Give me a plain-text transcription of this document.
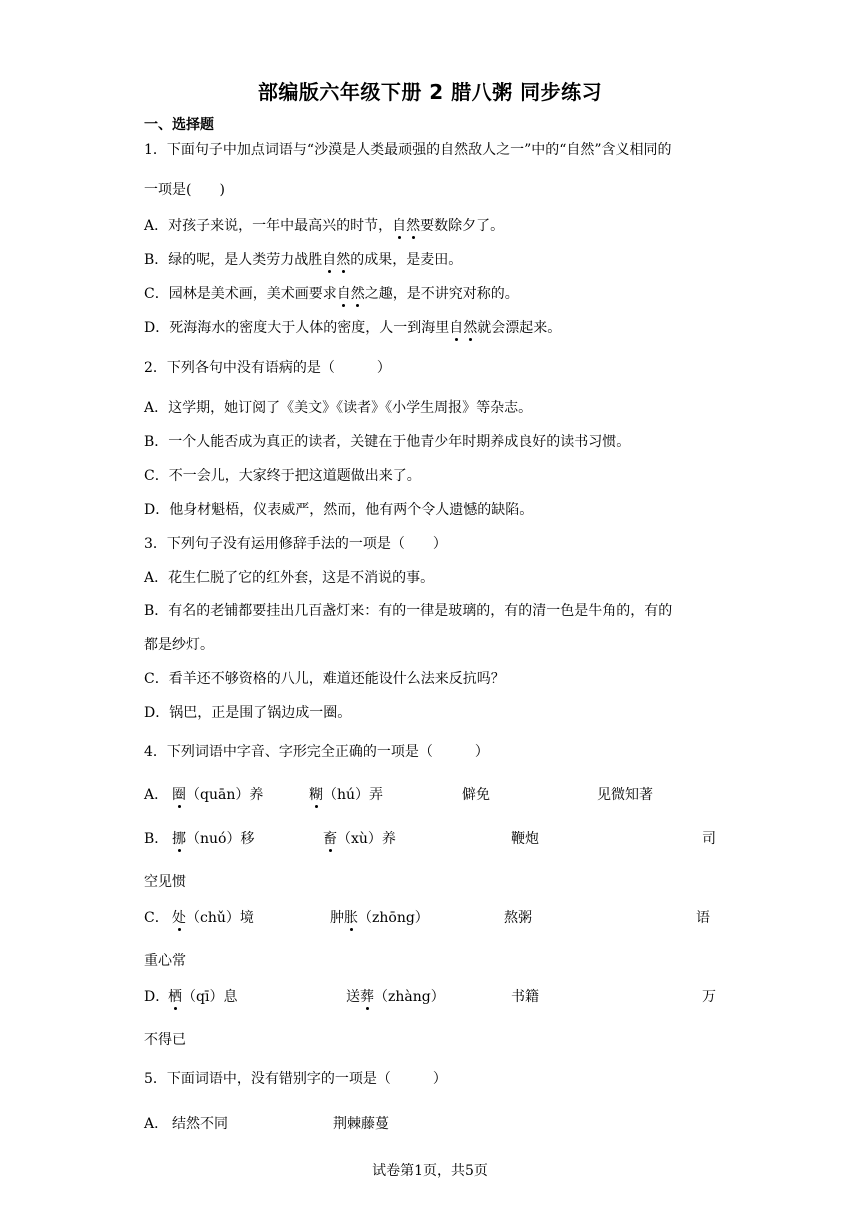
部编版六年级下册 2 腊八粥 同步练习
一、选择题
1．下面句子中加点词语与“沙漠是人类最顽强的自然敌人之一”中的“自然”含义相同的
一项是(　　)
A．对孩子来说，一年中最高兴的时节，自然要数除夕了。
B．绿的呢，是人类劳力战胜自然的成果，是麦田。
C．园林是美术画，美术画要求自然之趣，是不讲究对称的。
D．死海海水的密度大于人体的密度，人一到海里自然就会漂起来。
2．下列各句中没有语病的是（　　　）
A．这学期，她订阅了《美文》《读者》《小学生周报》等杂志。
B．一个人能否成为真正的读者，关键在于他青少年时期养成良好的读书习惯。
C．不一会儿，大家终于把这道题做出来了。
D．他身材魁梧，仪表威严，然而，他有两个令人遗憾的缺陷。
3．下列句子没有运用修辞手法的一项是（　　）
A．花生仁脱了它的红外套，这是不消说的事。
B．有名的老铺都要挂出几百盏灯来：有的一律是玻璃的，有的清一色是牛角的，有的
都是纱灯。
C．看羊还不够资格的八儿，难道还能设什么法来反抗吗？
D．锅巴，正是围了锅边成一圈。
4．下列词语中字音、字形完全正确的一项是（　　　）
A． 圈（quān）养	糊（hú）弄	僻免	见微知著
B． 挪（nuó）移	畜（xù）养	鞭炮	司
空见惯
C． 处（chǔ）境	肿胀（zhōng）	熬粥	语
重心常
D．
栖（qī）息	送葬（zhàng）	书籍	万
不得已
5．下面词语中，没有错别字的一项是（　　　）
A． 结然不同	荆棘藤蔓
试卷第1页，共5页
